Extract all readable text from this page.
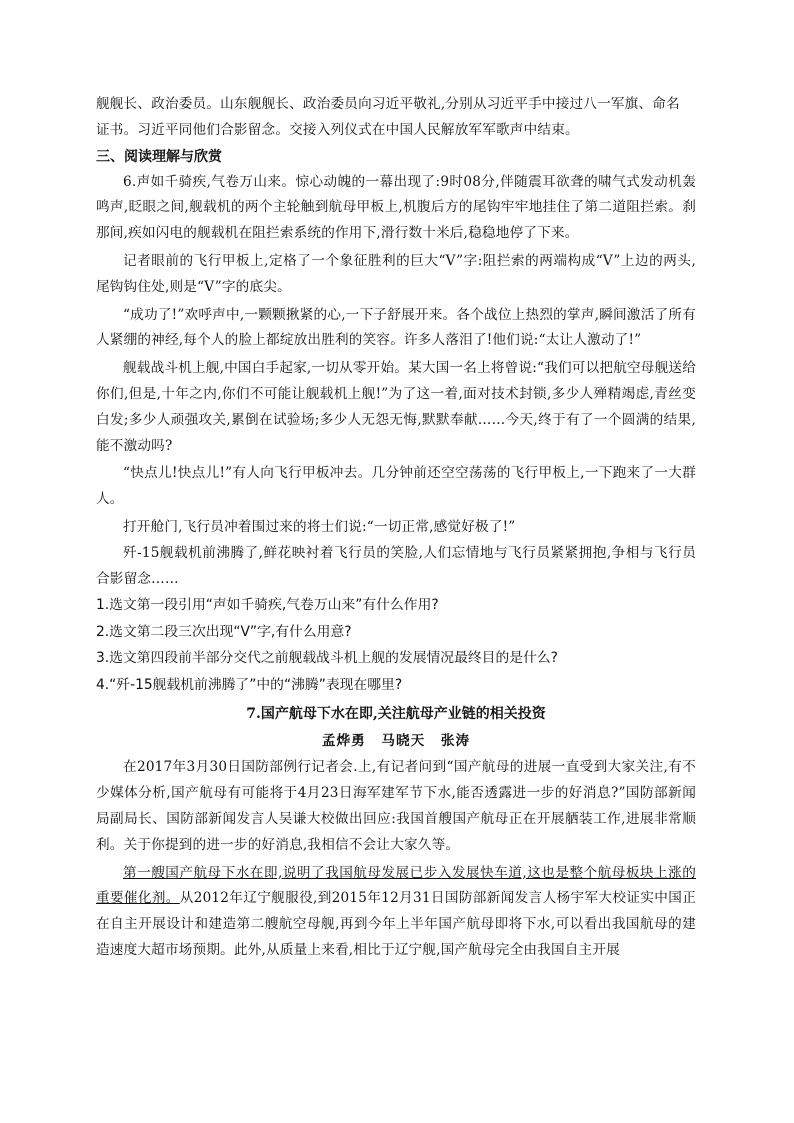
舰舰长、政治委员。山东舰舰长、政治委员向习近平敬礼,分别从习近平手中接过八一军旗、命名

证书。习近平同他们合影留念。交接入列仪式在中国人民解放军军歌声中结束。

三、阅读理解与欣赏

6.声如千骑疾,气卷万山来。惊心动魄的一幕出现了:9时08分,伴随震耳欲聋的啸气式发动机轰鸣声,眨眼之间,舰载机的两个主轮触到航母甲板上,机腹后方的尾钩牢牢地挂住了第二道阻拦索。刹那间,疾如闪电的舰载机在阻拦索系统的作用下,滑行数十米后,稳稳地停了下来。

记者眼前的飞行甲板上,定格了一个象征胜利的巨大“V”字:阻拦索的两端构成“V”上边的两头,尾钩钩住处,则是“V”字的底尖。

“成功了!”欢呼声中,一颗颗揪紧的心,一下子舒展开来。各个战位上热烈的掌声,瞬间激活了所有人紧绷的神经,每个人的脸上都绽放出胜利的笑容。许多人落泪了!他们说:“太让人激动了!”

舰载战斗机上舰,中国白手起家,一切从零开始。某大国一名上将曾说:“我们可以把航空母舰送给你们,但是,十年之内,你们不可能让舰载机上舰!”为了这一着,面对技术封锁,多少人殚精竭虑,青丝变白发;多少人顽强攻关,累倒在试验场;多少人无怨无悔,默默奉献……今天,终于有了一个圆满的结果,能不激动吗?

“快点儿!快点儿!”有人向飞行甲板冲去。几分钟前还空空荡荡的飞行甲板上,一下跑来了一大群人。

打开舱门,飞行员冲着围过来的将士们说:“一切正常,感觉好极了!”

歼-15舰载机前沸腾了,鲜花映衬着飞行员的笑脸,人们忘情地与飞行员紧紧拥抱,争相与飞行员合影留念……

1.选文第一段引用“声如千骑疾,气卷万山来”有什么作用?

2.选文第二段三次出现“V”字,有什么用意?

3.选文第四段前半部分交代之前舰载战斗机上舰的发展情况最终目的是什么?

4.“歼-15舰载机前沸腾了”中的“沸腾”表现在哪里?

7.国产航母下水在即,关注航母产业链的相关投资

孟烨勇 马晓天 张涛

在2017年3月30日国防部例行记者会.上,有记者问到“国产航母的进展一直受到大家关注,有不少媒体分析,国产航母有可能将于4月23日海军建军节下水,能否透露进一步的好消息?”国防部新闻局副局长、国防部新闻发言人吴谦大校做出回应:我国首艘国产航母正在开展舾装工作,进展非常顺利。关于你提到的进一步的好消息,我相信不会让大家久等。

第一艘国产航母下水在即,说明了我国航母发展已步入发展快车道,这也是整个航母板块上涨的重要催化剂。从2012年辽宁舰服役,到2015年12月31日国防部新闻发言人杨宇军大校证实中国正在自主开展设计和建造第二艘航空母舰,再到今年上半年国产航母即将下水,可以看出我国航母的建造速度大超市场预期。此外,从质量上来看,相比于辽宁舰,国产航母完全由我国自主开展
